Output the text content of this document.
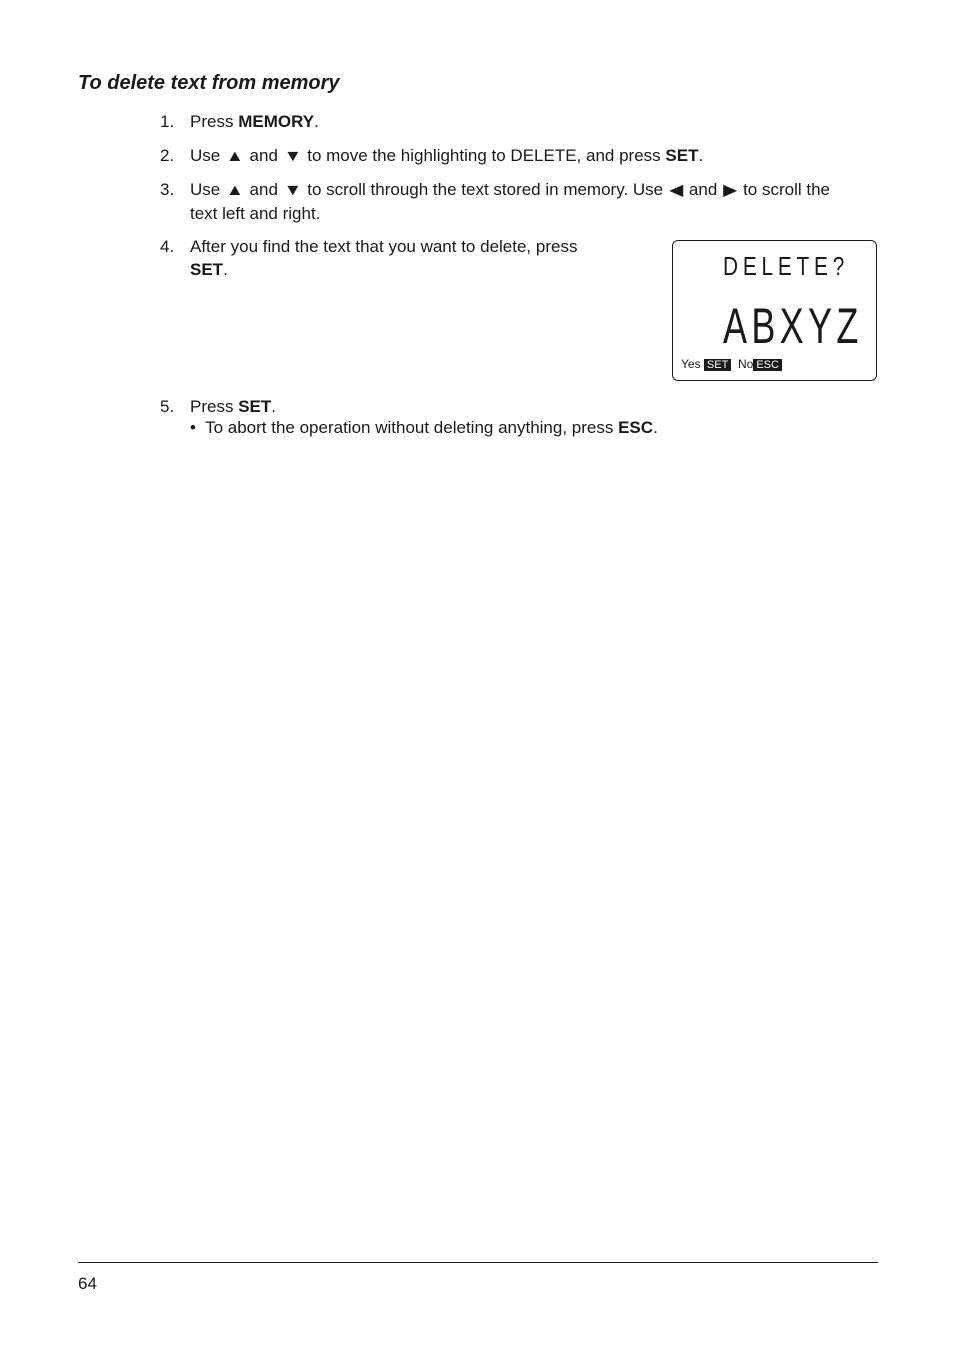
To delete text from memory
1. Press MEMORY.
2. Use ▲ and ▼ to move the highlighting to DELETE, and press SET.
3. Use ▲ and ▼ to scroll through the text stored in memory. Use ◀ and ▶ to scroll the
text left and right.
4. After you find the text that you want to delete, press
SET.	DELETE?
ABXYZ
Yes SET No ESC
5. Press SET.
• To abort the operation without deleting anything, press ESC.
64
